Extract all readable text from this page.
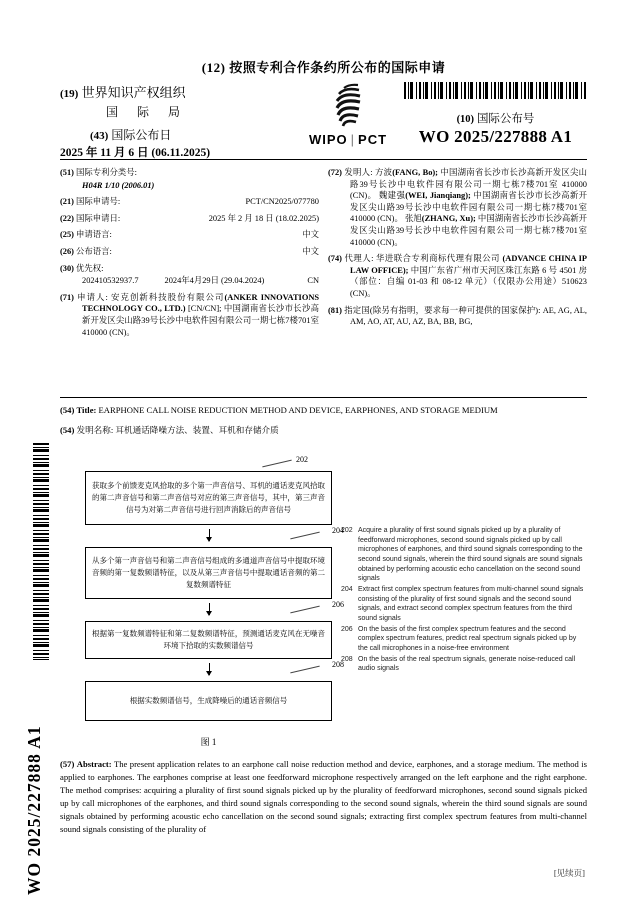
WO 2025/227888 A1
(12) 按照专利合作条约所公布的国际申请
(19) 世界知识产权组织
国 际 局
(43) 国际公布日
2025 年 11 月 6 日 (06.11.2025)
WIPO | PCT
(10) 国际公布号
WO 2025/227888 A1

(51) 国际专利分类号:

H04R 1/10 (2006.01)

(21) 国际申请号:	PCT/CN2025/077780
(22) 国际申请日:	2025 年 2 月 18 日 (18.02.2025)
(25) 申请语言:	中文
(26) 公布语言:	中文

(30) 优先权:

202410532937.7	2024年4月29日 (29.04.2024)	CN

(71) 申请人: 安克创新科技股份有限公司(ANKER INNOVATIONS TECHNOLOGY CO., LTD.) [CN/CN]; 中国湖南省长沙市长沙高新开发区尖山路39号长沙中电软件园有限公司一期七栋7楼701室 410000 (CN)。

(72) 发明人: 方波(FANG, Bo); 中国湖南省长沙市长沙高新开发区尖山路39号长沙中电软件园有限公司一期七栋7楼701室 410000 (CN)。 魏建强(WEI, Jianqiang); 中国湖南省长沙市长沙高新开发区尖山路39号长沙中电软件园有限公司一期七栋7楼701室 410000 (CN)。 张旭(ZHANG, Xu); 中国湖南省长沙市长沙高新开发区尖山路39号长沙中电软件园有限公司一期七栋7楼701室 410000 (CN)。

(74) 代理人: 华进联合专利商标代理有限公司 (ADVANCE CHINA IP LAW OFFICE); 中国广东省广州市天河区珠江东路 6 号 4501 房（部位：自编 01-03 和 08-12 单元）（仅限办公用途）510623 (CN)。

(81) 指定国(除另有指明，要求每一种可提供的国家保护): AE, AG, AL, AM, AO, AT, AU, AZ, BA, BB, BG,

(54) Title: EARPHONE CALL NOISE REDUCTION METHOD AND DEVICE, EARPHONES, AND STORAGE MEDIUM
(54) 发明名称: 耳机通话降噪方法、装置、耳机和存储介质
202
获取多个前馈麦克风拾取的多个第一声音信号、耳机的通话麦克风拾取的第二声音信号和第二声音信号对应的第三声音信号，其中，第三声音信号为对第二声音信号进行回声消除后的声音信号
204
从多个第一声音信号和第二声音信号组成的多通道声音信号中提取环境音频的第一复数频谱特征，以及从第三声音信号中提取通话音频的第二复数频谱特征
206
根据第一复数频谱特征和第二复数频谱特征，预测通话麦克风在无噪音环境下拾取的实数频谱信号
208
根据实数频谱信号，生成降噪后的通话音频信号
图 1
202 Acquire a plurality of first sound signals picked up by a plurality of feedforward microphones, second sound signals picked up by call microphones of earphones, and third sound signals corresponding to the second sound signals, wherein the third sound signals are sound signals obtained by performing acoustic echo cancellation on the second sound signals
204 Extract first complex spectrum features from multi-channel sound signals consisting of the plurality of first sound signals and the second sound signals, and extract second complex spectrum features from the third sound signals
206 On the basis of the first complex spectrum features and the second complex spectrum features, predict real spectrum signals picked up by the call microphones in a noise-free environment
208 On the basis of the real spectrum signals, generate noise-reduced call audio signals

(57) Abstract: The present application relates to an earphone call noise reduction method and device, earphones, and a storage medium. The method is applied to earphones. The earphones comprise at least one feedforward microphone respectively arranged on the left earphone and the right earphone. The method comprises: acquiring a plurality of first sound signals picked up by the plurality of feedforward microphones, second sound signals picked up by call microphones of the earphones, and third sound signals corresponding to the second sound signals, wherein the third sound signals are sound signals obtained by performing acoustic echo cancellation on the second sound signals; extracting first complex spectrum features from multi-channel sound signals consisting of the plurality of

[见续页]
